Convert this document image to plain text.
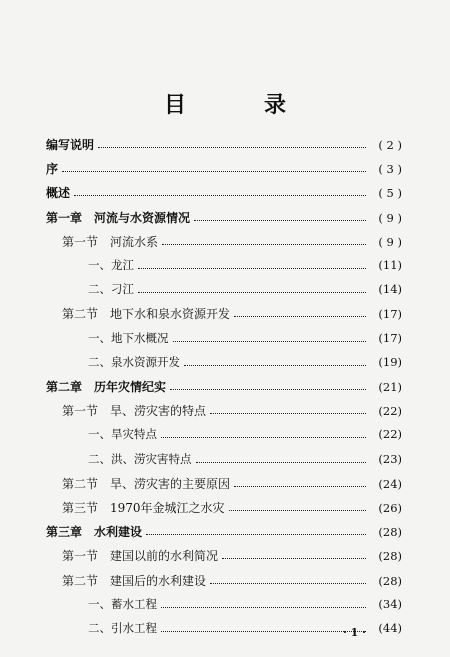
目　录
编写说明	( 2 )
序	( 3 )
概述	( 5 )
第一章　河流与水资源情况	( 9 )
第一节　河流水系	( 9 )
一、龙江	(11)
二、刁江	(14)
第二节　地下水和泉水资源开发	(17)
一、地下水概况	(17)
二、泉水资源开发	(19)
第二章　历年灾情纪实	(21)
第一节　旱、涝灾害的特点	(22)
一、旱灾特点	(22)
二、洪、涝灾害特点	(23)
第二节　旱、涝灾害的主要原因	(24)
第三节　1970年金城江之水灾	(26)
第三章　水利建设	(28)
第一节　建国以前的水利简况	(28)
第二节　建国后的水利建设	(28)
一、蓄水工程	(34)
二、引水工程	(44)
· 1 ·
